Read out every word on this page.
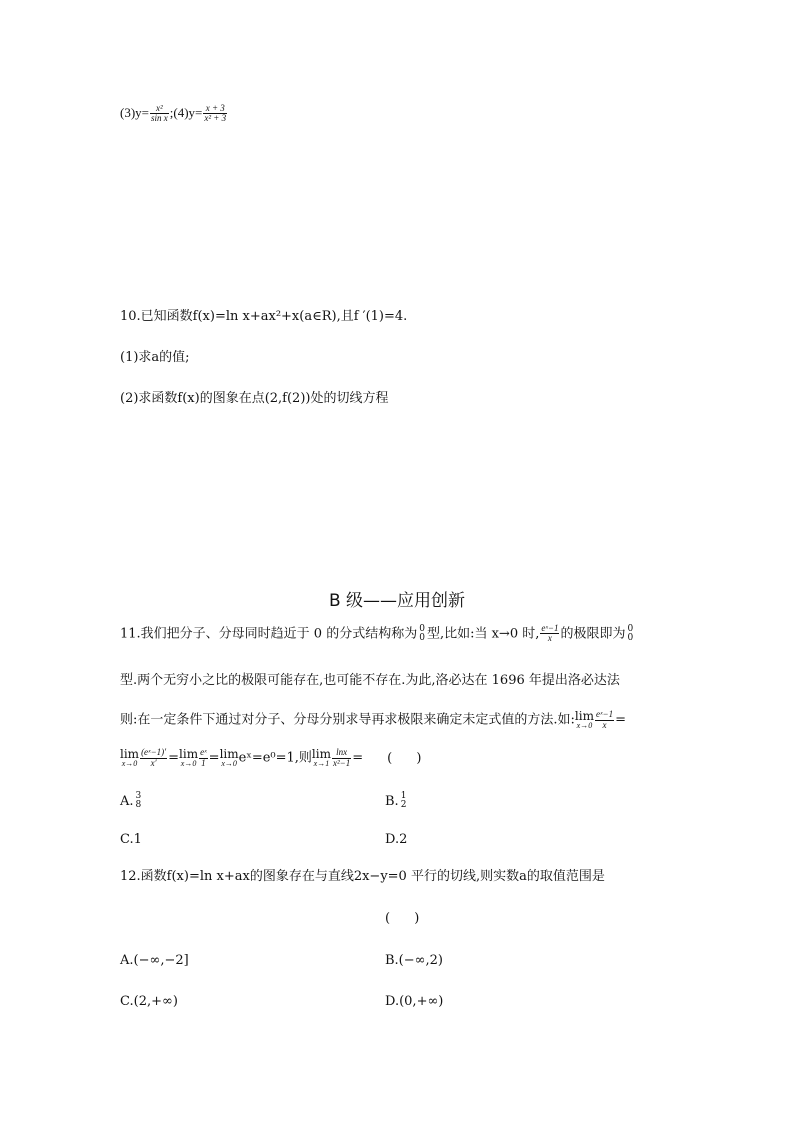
$(3)y= \frac{\text{x²}}{\text{sin x}}$ ;(4)y= $\frac{x + 3}{\text{x² + 3}}$
10.已知函数f(x)=ln x+ax²+x(a∈R),且f ′(1)=4.
(1)求a的值;
(2)求函数f(x)的图象在点(2,f(2))处的切线方程
B 级——应用创新
11.我们把分子、分母同时趋近于 0 的分式结构称为 0
0 型,比如:当 x→0 时, $\frac{\text{eˣ−1}}{x}$ 的极限即为 0
0
型.两个无穷小之比的极限可能存在,也可能不存在.为此,洛必达在 1696 年提出洛必达法
则:在一定条件下通过对分子、分母分别求导再求极限来确定未定式值的方法.如: lim
$x\to 0 \frac{\text{eˣ−1}}{x}$ =
lim
$x\to 0 \frac{\text{(eˣ−1)′}}{x'} = \lim$
$x\to 0 \frac{\text{eˣ}}{1} = \lim$
x→0 eˣ=e⁰=1,则 lim
$x\to 1 \frac{\ln x}{\text{x²−1}}$ = ( )
A. 3
8	B. 1
2
C.1	D.2
12.函数f(x)=ln x+ax的图象存在与直线2x−y=0 平行的切线,则实数a的取值范围是
( )
A.(−∞,−2]	B.(−∞,2)
C.(2,+∞)	D.(0,+∞)
